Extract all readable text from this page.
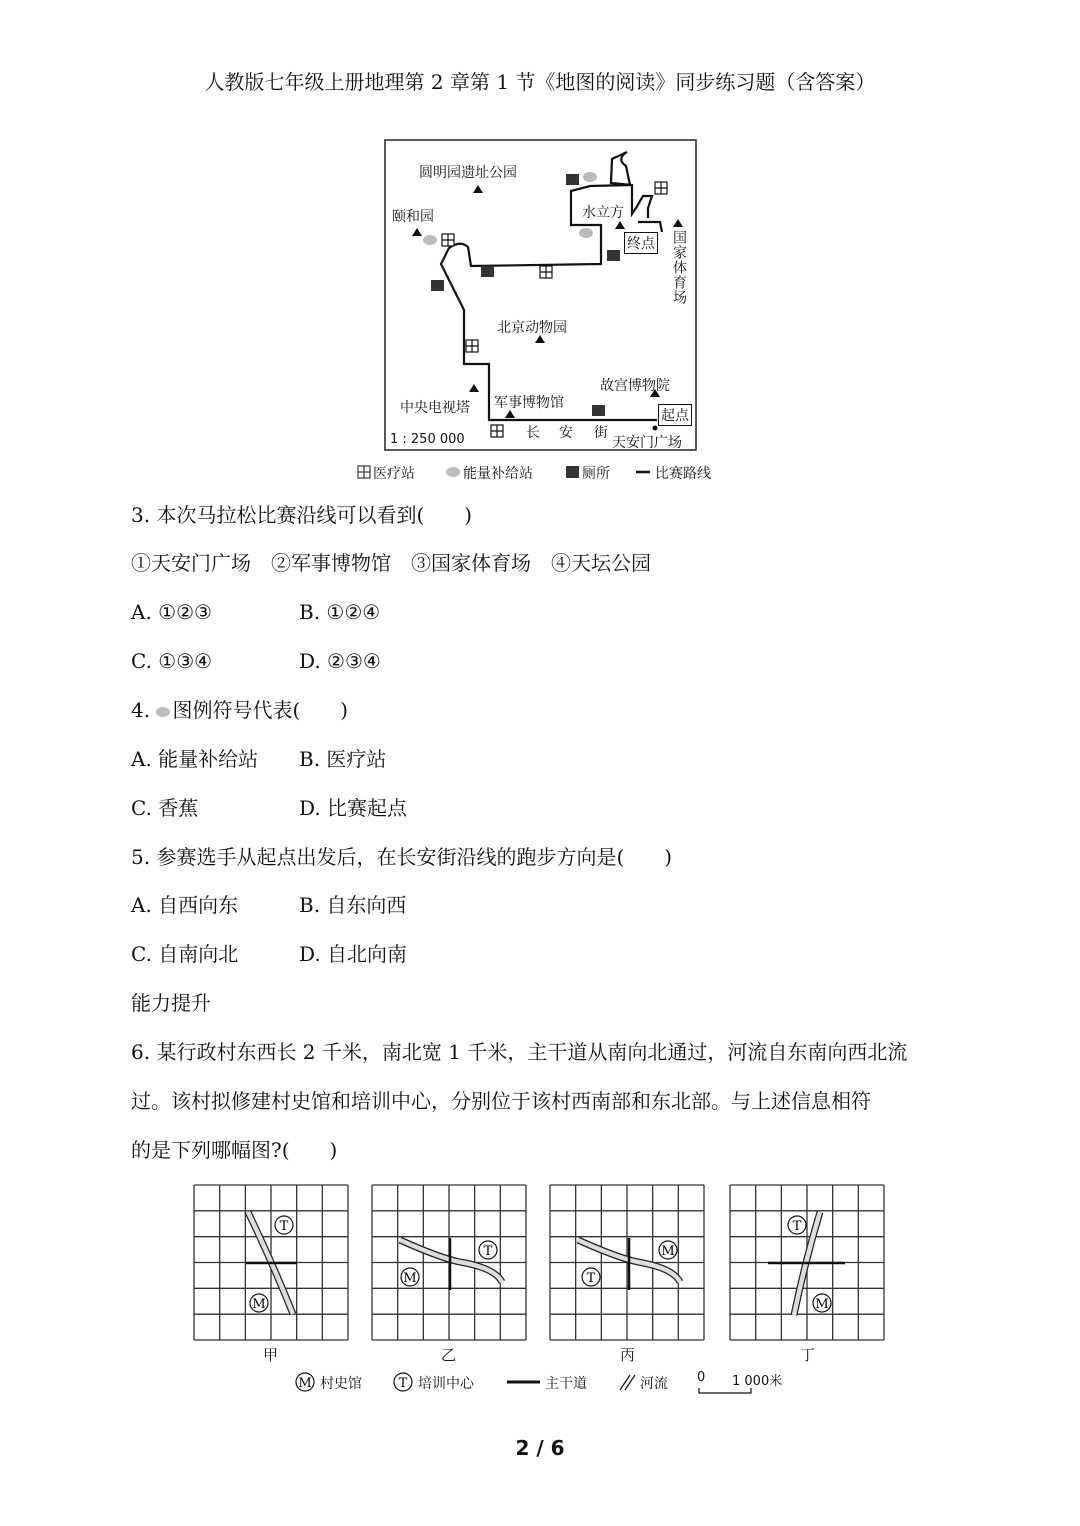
人教版七年级上册地理第 2 章第 1 节《地图的阅读》同步练习题（含答案）
圆明园遗址公园
颐和园	水立方
终点 国家体育场
北京动物园
故宫博物院
中央电视塔 军事博物馆
起点
长 安 街
天安门广场
1 : 250 000
医疗站	能量补给站	厕所	比赛路线
3. 本次马拉松比赛沿线可以看到(　　)
①天安门广场　②军事博物馆　③国家体育场　④天坛公园
A. ①②③	B. ①②④
C. ①③④	D. ②③④
4. 图例符号代表(　　)
A. 能量补给站 B. 医疗站
C. 香蕉	D. 比赛起点
5. 参赛选手从起点出发后，在长安街沿线的跑步方向是(　　)
A. 自西向东	B. 自东向西
C. 自南向北	D. 自北向南
能力提升
6. 某行政村东西长 2 千米，南北宽 1 千米，主干道从南向北通过，河流自东南向西北流
过。该村拟修建村史馆和培训中心，分别位于该村西南部和东北部。与上述信息相符
的是下列哪幅图?(　　)
T
M
T
M
M
T
T
M
M	T
甲	乙	丙	丁
村史馆	培训中心	主干道	河流 0 1 000米
2 / 6
